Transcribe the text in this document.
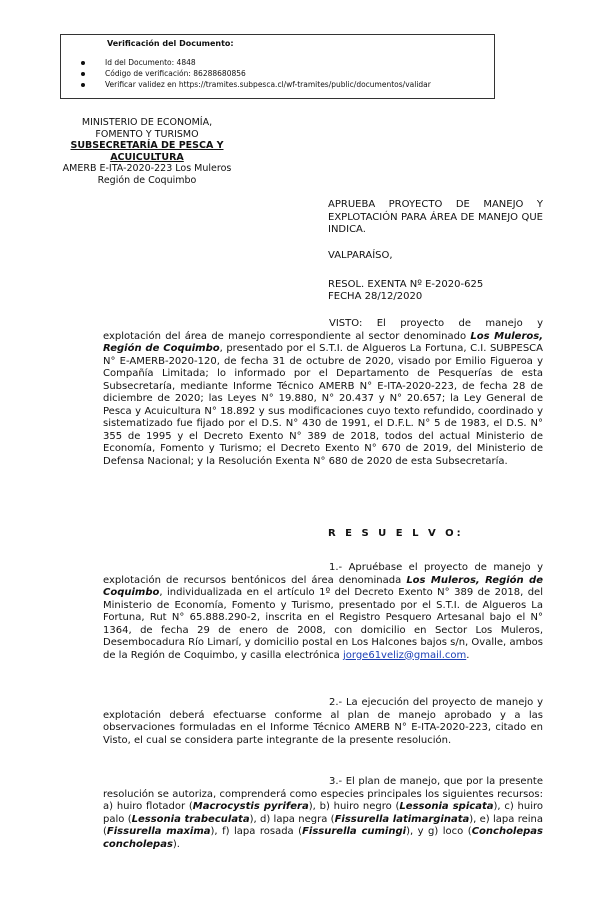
Verificación del Documento:
Id del Documento: 4848
Código de verificación: 86288680856
Verificar validez en https://tramites.subpesca.cl/wf-tramites/public/documentos/validar
MINISTERIO DE ECONOMÍA,
FOMENTO Y TURISMO
SUBSECRETARÍA DE PESCA Y ACUICULTURA
AMERB E-ITA-2020-223 Los Muleros
Región de Coquimbo
APRUEBA PROYECTO DE MANEJO Y EXPLOTACIÓN PARA ÁREA DE MANEJO QUE INDICA.
VALPARAÍSO,
RESOL. EXENTA Nº E-2020-625
FECHA 28/12/2020
VISTO: El proyecto de manejo y explotación del área de manejo correspondiente al sector denominado Los Muleros, Región de Coquimbo, presentado por el S.T.I. de Algueros La Fortuna, C.I. SUBPESCA N° E-AMERB-2020-120, de fecha 31 de octubre de 2020, visado por Emilio Figueroa y Compañía Limitada; lo informado por el Departamento de Pesquerías de esta Subsecretaría, mediante Informe Técnico AMERB N° E-ITA-2020-223, de fecha 28 de diciembre de 2020; las Leyes N° 19.880, N° 20.437 y N° 20.657; la Ley General de Pesca y Acuicultura N° 18.892 y sus modificaciones cuyo texto refundido, coordinado y sistematizado fue fijado por el D.S. N° 430 de 1991, el D.F.L. N° 5 de 1983, el D.S. N° 355 de 1995 y el Decreto Exento N° 389 de 2018, todos del actual Ministerio de Economía, Fomento y Turismo; el Decreto Exento N° 670 de 2019, del Ministerio de Defensa Nacional; y la Resolución Exenta N° 680 de 2020 de esta Subsecretaría.
R E S U E L V O:
1.- Apruébase el proyecto de manejo y explotación de recursos bentónicos del área denominada Los Muleros, Región de Coquimbo, individualizada en el artículo 1º del Decreto Exento N° 389 de 2018, del Ministerio de Economía, Fomento y Turismo, presentado por el S.T.I. de Algueros La Fortuna, Rut N° 65.888.290-2, inscrita en el Registro Pesquero Artesanal bajo el N° 1364, de fecha 29 de enero de 2008, con domicilio en Sector Los Muleros, Desembocadura Río Limarí, y domicilio postal en Los Halcones bajos s/n, Ovalle, ambos de la Región de Coquimbo, y casilla electrónica jorge61veliz@gmail.com.
2.- La ejecución del proyecto de manejo y explotación deberá efectuarse conforme al plan de manejo aprobado y a las observaciones formuladas en el Informe Técnico AMERB N° E-ITA-2020-223, citado en Visto, el cual se considera parte integrante de la presente resolución.
3.- El plan de manejo, que por la presente resolución se autoriza, comprenderá como especies principales los siguientes recursos: a) huiro flotador (Macrocystis pyrifera), b) huiro negro (Lessonia spicata), c) huiro palo (Lessonia trabeculata), d) lapa negra (Fissurella latimarginata), e) lapa reina (Fissurella maxima), f) lapa rosada (Fissurella cumingi), y g) loco (Concholepas concholepas).
